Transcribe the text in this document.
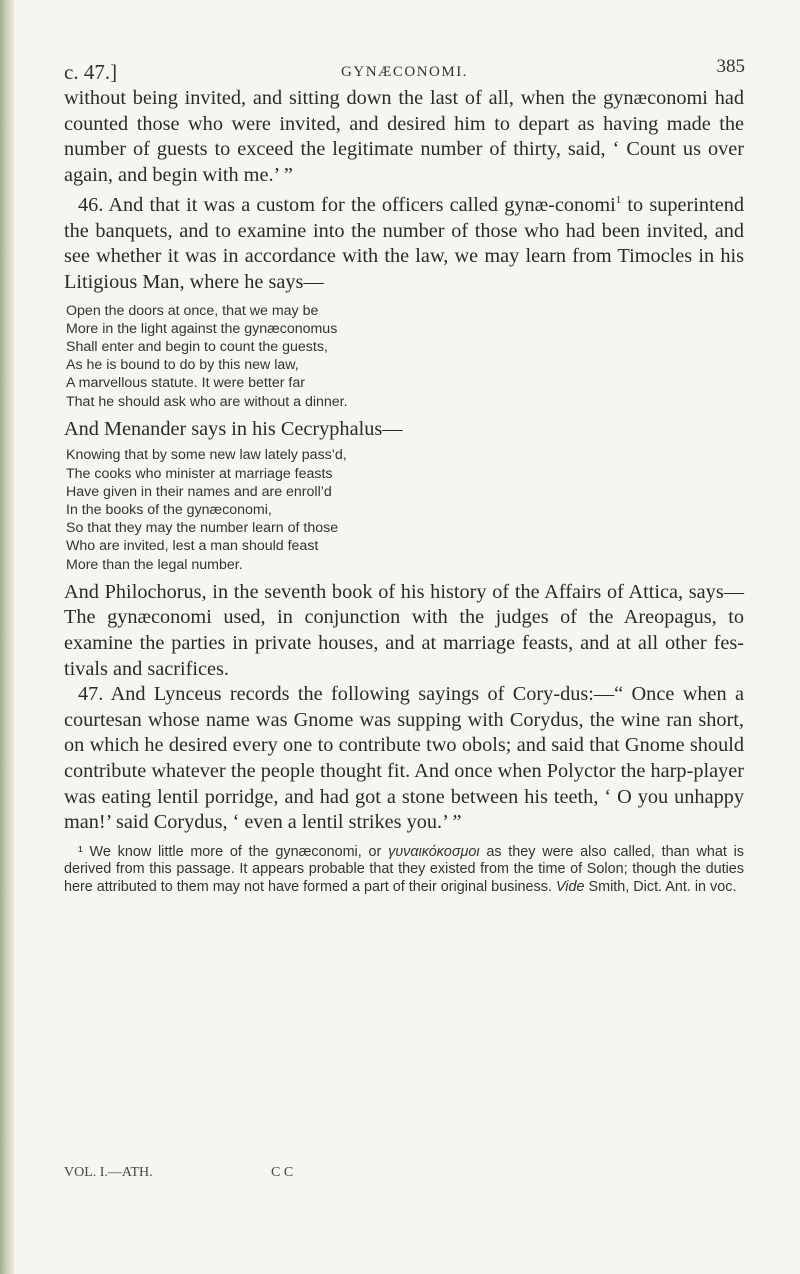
c. 47.]	GYNÆCONOMI.	385

without being invited, and sitting down the last of all, when the gynæconomi had counted those who were invited, and desired him to depart as having made the number of guests to exceed the legitimate number of thirty, said, ‘ Count us over again, and begin with me.’ ”

46. And that it was a custom for the officers called gynæ-conomi$^1$ to superintend the banquets, and to examine into the number of those who had been invited, and see whether it was in accordance with the law, we may learn from Timocles in his Litigious Man, where he says—

Open the doors at once, that we may be
More in the light against the gynæconomus
Shall enter and begin to count the guests,
As he is bound to do by this new law,
A marvellous statute. It were better far
That he should ask who are without a dinner.

And Menander says in his Cecryphalus—

Knowing that by some new law lately pass’d,
The cooks who minister at marriage feasts
Have given in their names and are enroll’d
In the books of the gynæconomi,
So that they may the number learn of those
Who are invited, lest a man should feast
More than the legal number.

And Philochorus, in the seventh book of his history of the Affairs of Attica, says—The gynæconomi used, in conjunction with the judges of the Areopagus, to examine the parties in private houses, and at marriage feasts, and at all other fes-tivals and sacrifices.

47. And Lynceus records the following sayings of Cory-dus:—“ Once when a courtesan whose name was Gnome was supping with Corydus, the wine ran short, on which he desired every one to contribute two obols; and said that Gnome should contribute whatever the people thought fit. And once when Polyctor the harp-player was eating lentil porridge, and had got a stone between his teeth, ‘ O you unhappy man!’ said Corydus, ‘ even a lentil strikes you.’ ”

¹ We know little more of the gynæconomi, or γυναικόκοσμοι as they were also called, than what is derived from this passage. It appears probable that they existed from the time of Solon; though the duties here attributed to them may not have formed a part of their original business. Vide Smith, Dict. Ant. in voc.

VOL. I.—ATH.	C C
